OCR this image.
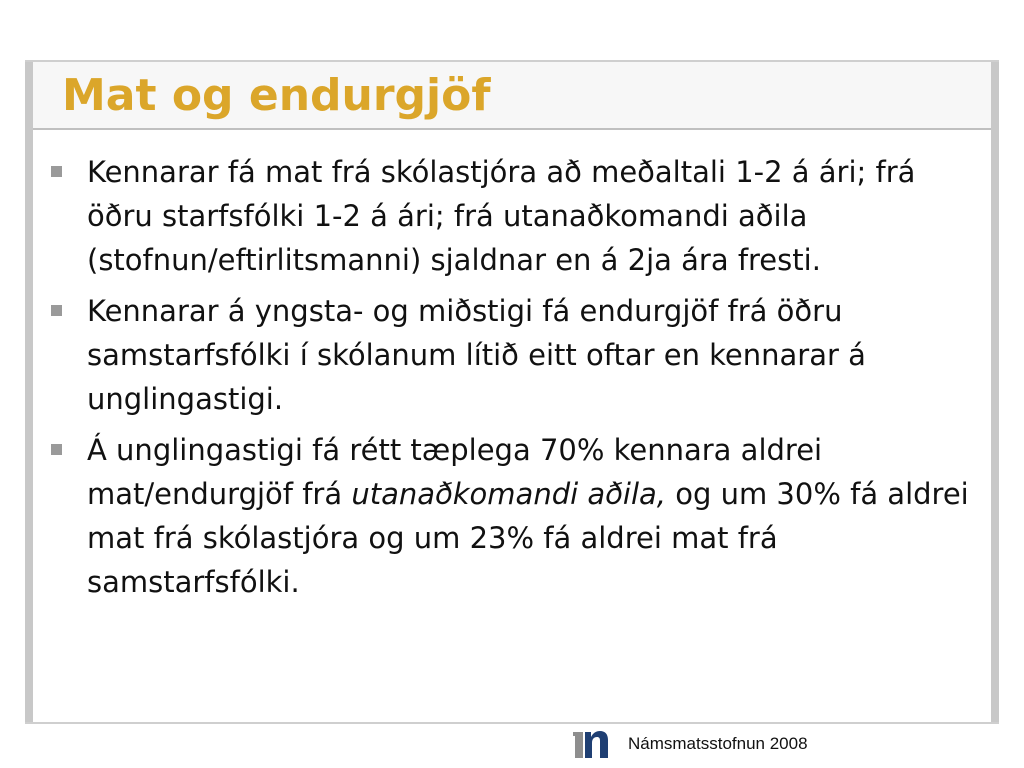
Mat og endurgjöf
Kennarar fá mat frá skólastjóra að meðaltali 1-2 á ári; frá öðru starfsfólki 1-2 á ári; frá utanaðkomandi aðila (stofnun/eftirlitsmanni) sjaldnar en á 2ja ára fresti.
Kennarar á yngsta- og miðstigi fá endurgjöf frá öðru samstarfsfólki í skólanum lítið eitt oftar en kennarar á unglingastigi.
Á unglingastigi fá rétt tæplega 70% kennara aldrei mat/endurgjöf frá utanaðkomandi aðila, og um 30% fá aldrei mat frá skólastjóra og um 23% fá aldrei mat frá samstarfsfólki.
Námsmatsstofnun 2008
